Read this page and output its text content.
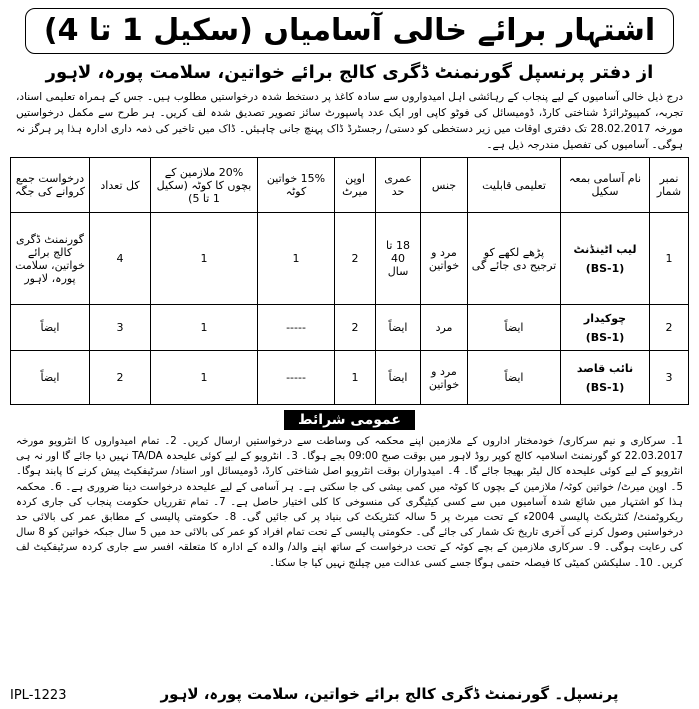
اشتہار برائے خالی آسامیاں (سکیل 1 تا 4)
از دفتر پرنسپل گورنمنٹ ڈگری کالج برائے خواتین، سلامت پورہ، لاہور
درج ذیل خالی آسامیوں کے لیے پنجاب کے رہائشی اہل امیدواروں سے سادہ کاغذ پر دستخط شدہ درخواستیں مطلوب ہیں۔ جس کے ہمراہ تعلیمی اسناد، تجربہ، کمپیوٹرائزڈ شناختی کارڈ، ڈومیسائل کی فوٹو کاپی اور ایک عدد پاسپورٹ سائز تصویر تصدیق شدہ لف کریں۔ ہر طرح سے مکمل درخواستیں مورخہ 28.02.2017 تک دفتری اوقات میں زیر دستخطی کو دستی/ رجسٹرڈ ڈاک پہنچ جانی چاہیئں۔ ڈاک میں تاخیر کی ذمہ داری ادارہ ہذا پر ہرگز نہ ہوگی۔ آسامیوں کی تفصیل مندرجہ ذیل ہے۔
نمبر شمار	نام آسامی بمعہ سکیل	تعلیمی قابلیت	جنس	عمری حد	اوپن میرٹ	15% خواتین کوٹہ	20% ملازمین کے بچوں کا کوٹہ (سکیل 1 تا 5)	کل تعداد	درخواست جمع کروانے کی جگہ
1	لیب اٹینڈنٹ
(BS-1)	پڑھے لکھے کو ترجیح دی جائے گی	مرد و خواتین	18 تا 40 سال	2	1	1	4	گورنمنٹ ڈگری کالج برائے خواتین، سلامت پورہ، لاہور
2	چوکیدار
(BS-1)	ایضاً	مرد	ایضاً	2	-----	1	3	ایضاً
3	نائب قاصد
(BS-1)	ایضاً	مرد و خواتین	ایضاً	1	-----	1	2	ایضاً
عمومی شرائط
1۔ سرکاری و نیم سرکاری/ خودمختار اداروں کے ملازمین اپنے محکمہ کی وساطت سے درخواستیں ارسال کریں۔ 2۔ تمام امیدواروں کا انٹرویو مورخہ 22.03.2017 کو گورنمنٹ اسلامیہ کالج کوپر روڈ لاہور میں بوقت صبح 09:00 بجے ہوگا۔ 3۔ انٹرویو کے لیے کوئی علیحدہ TA/DA نہیں دیا جائے گا اور نہ ہی انٹرویو کے لیے کوئی علیحدہ کال لیٹر بھیجا جائے گا۔ 4۔ امیدواران بوقت انٹرویو اصل شناختی کارڈ، ڈومیسائل اور اسناد/ سرٹیفکیٹ پیش کرنے کا پابند ہوگا۔ 5۔ اوپن میرٹ/ خواتین کوٹہ/ ملازمین کے بچوں کا کوٹہ میں کمی بیشی کی جا سکتی ہے۔ ہر آسامی کے لیے علیحدہ درخواست دینا ضروری ہے۔ 6۔ محکمہ ہذا کو اشتہار میں شائع شدہ آسامیوں میں سے کسی کیٹیگری کی منسوخی کا کلی اختیار حاصل ہے۔ 7۔ تمام تقرریاں حکومت پنجاب کی جاری کردہ ریکروٹمنٹ/ کنٹریکٹ پالیسی 2004ء کے تحت میرٹ پر 5 سالہ کنٹریکٹ کی بنیاد پر کی جائیں گی۔ 8۔ حکومتی پالیسی کے مطابق عمر کی بالائی حد درخواستیں وصول کرنے کی آخری تاریخ تک شمار کی جائے گی۔ حکومتی پالیسی کے تحت تمام افراد کو عمر کی بالائی حد میں 5 سال جبکہ خواتین کو 8 سال کی رعایت ہوگی۔ 9۔ سرکاری ملازمین کے بچے کوٹہ کے تحت درخواست کے ساتھ اپنے والد/ والدہ کے ادارہ کا متعلقہ افسر سے جاری کردہ سرٹیفکیٹ لف کریں۔ 10۔ سلیکشن کمیٹی کا فیصلہ حتمی ہوگا جسے کسی عدالت میں چیلنج نہیں کیا جا سکتا۔
IPL-1223	پرنسپل۔ گورنمنٹ ڈگری کالج برائے خواتین، سلامت پورہ، لاہور
